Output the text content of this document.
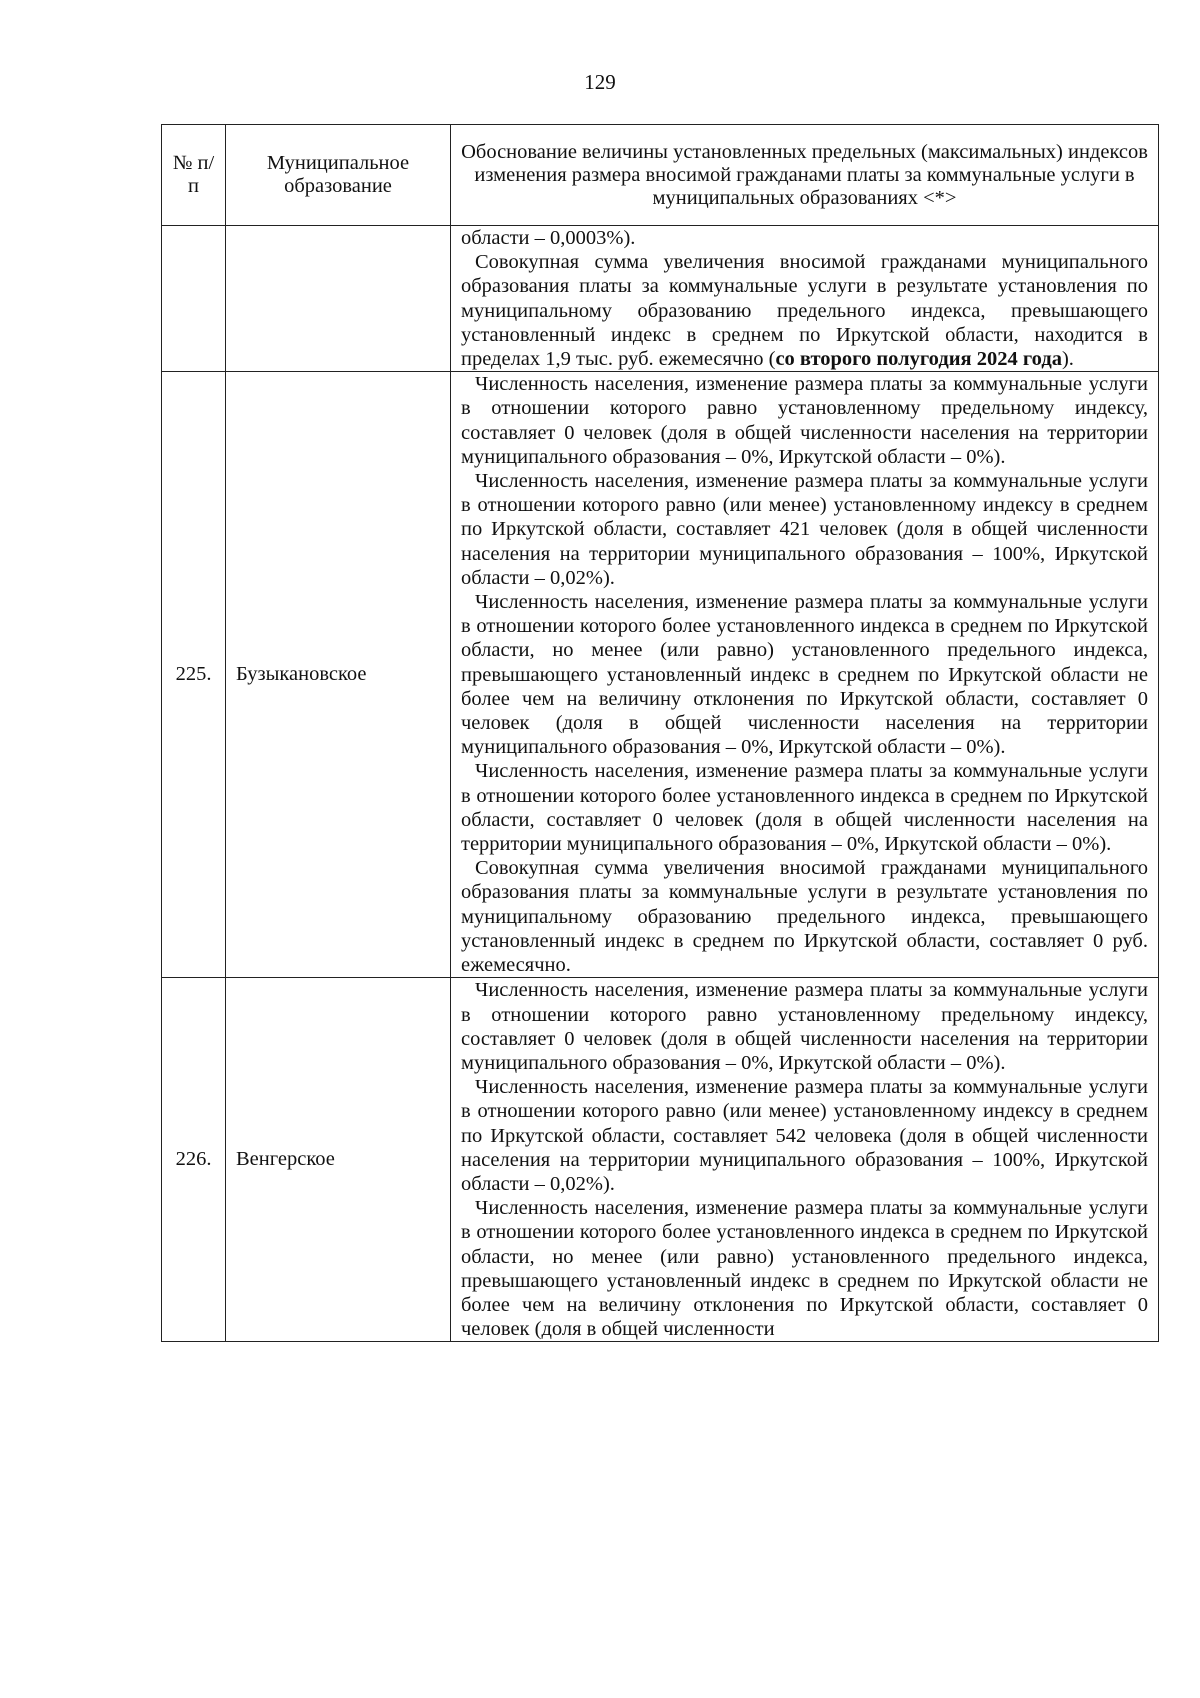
129
№ п/п	Муниципальное образование	Обоснование величины установленных предельных (максимальных) индексов изменения размера вносимой гражданами платы за коммунальные услуги в муниципальных образованиях <*>

		области – 0,0003%).

Совокупная сумма увеличения вносимой гражданами муниципального образования платы за коммунальные услуги в результате установления по муниципальному образованию предельного индекса, превышающего установленный индекс в среднем по Иркутской области, находится в пределах 1,9 тыс. руб. ежемесячно (со второго полугодия 2024 года).

225.	Бузыкановское	Численность населения, изменение размера платы за коммунальные услуги в отношении которого равно установленному предельному индексу, составляет 0 человек (доля в общей численности населения на территории муниципального образования – 0%, Иркутской области – 0%).

Численность населения, изменение размера платы за коммунальные услуги в отношении которого равно (или менее) установленному индексу в среднем по Иркутской области, составляет 421 человек (доля в общей численности населения на территории муниципального образования – 100%, Иркутской области – 0,02%).

Численность населения, изменение размера платы за коммунальные услуги в отношении которого более установленного индекса в среднем по Иркутской области, но менее (или равно) установленного предельного индекса, превышающего установленный индекс в среднем по Иркутской области не более чем на величину отклонения по Иркутской области, составляет 0 человек (доля в общей численности населения на территории муниципального образования – 0%, Иркутской области – 0%).

Численность населения, изменение размера платы за коммунальные услуги в отношении которого более установленного индекса в среднем по Иркутской области, составляет 0 человек (доля в общей численности населения на территории муниципального образования – 0%, Иркутской области – 0%).

Совокупная сумма увеличения вносимой гражданами муниципального образования платы за коммунальные услуги в результате установления по муниципальному образованию предельного индекса, превышающего установленный индекс в среднем по Иркутской области, составляет 0 руб. ежемесячно.

226.	Венгерское	Численность населения, изменение размера платы за коммунальные услуги в отношении которого равно установленному предельному индексу, составляет 0 человек (доля в общей численности населения на территории муниципального образования – 0%, Иркутской области – 0%).

Численность населения, изменение размера платы за коммунальные услуги в отношении которого равно (или менее) установленному индексу в среднем по Иркутской области, составляет 542 человека (доля в общей численности населения на территории муниципального образования – 100%, Иркутской области – 0,02%).

Численность населения, изменение размера платы за коммунальные услуги в отношении которого более установленного индекса в среднем по Иркутской области, но менее (или равно) установленного предельного индекса, превышающего установленный индекс в среднем по Иркутской области не более чем на величину отклонения по Иркутской области, составляет 0 человек (доля в общей численности
